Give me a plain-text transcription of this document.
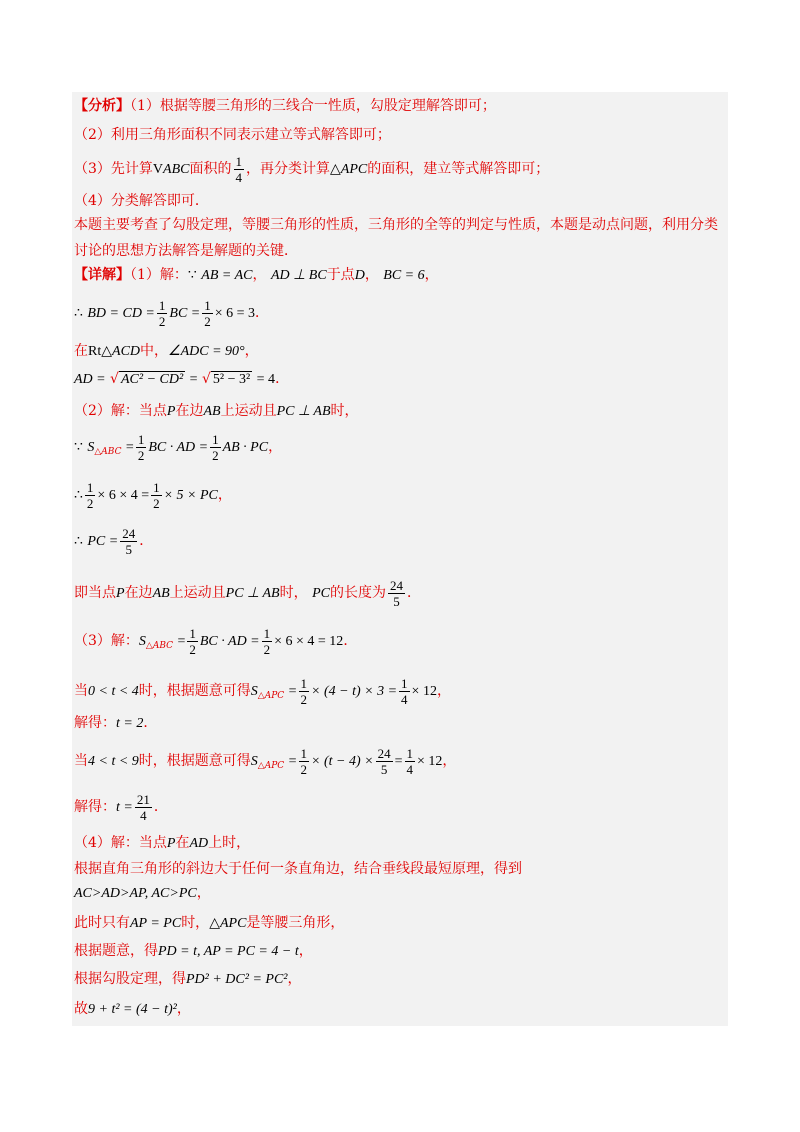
【分析】（1）根据等腰三角形的三线合一性质，勾股定理解答即可；
（2）利用三角形面积不同表示建立等式解答即可；
（3）先计算VABC面积的 $\frac{1}{4}$ ，再分类计算△APC的面积，建立等式解答即可；
（4）分类解答即可．
本题主要考查了勾股定理，等腰三角形的性质，三角形的全等的判定与性质，本题是动点问题，利用分类
讨论的思想方法解答是解题的关键．
【详解】（1）解：∵ AB = AC， AD ⊥ BC于点D， BC = 6，
∴ BD = CD = $\frac{1}{2}$ BC = $\frac{1}{2} \times 6 = 3$．
在Rt△ACD中，∠ADC = 90°，
AD = √ AC² − CD² = √ 5² − 3² = 4．
（2）解：当点P在边AB上运动且PC ⊥ AB时，
∵ $S_{\triangle ABC} = \frac{1}{2}$ BC · AD = $\frac{1}{2}$ AB · PC，
∴ $\frac{1}{2} \times 6 \times 4 = \frac{1}{2} \times 5$ × PC，
∴ PC = $\frac{24}{5}$ ．
即当点P在边AB上运动且PC ⊥ AB时， PC的长度为 $\frac{24}{5}$ ．
（3）解：$S_{\triangle ABC} = \frac{1}{2}$ BC · AD = $\frac{1}{2} \times 6 \times 4 = 12$．
当0 < t < 4时，根据题意可得$S_{\triangle APC} = \frac{1}{2} \times (4 - t) \times 3 = \frac{1}{4} \times 12$，
解得：t = 2．
当4 < t < 9时，根据题意可得$S_{\triangle APC} = \frac{1}{2} \times (t - 4) \times \frac{24}{5} = \frac{1}{4} \times 12$，
解得：$t = \frac{21}{4}$ ．
（4）解：当点P在AD上时，
根据直角三角形的斜边大于任何一条直角边，结合垂线段最短原理，得到
AC>AD>AP, AC>PC，
此时只有AP = PC时，△APC是等腰三角形，
根据题意，得PD = t, AP = PC = 4 − t，
根据勾股定理，得PD² + DC² = PC²，
故9 + t² = (4 − t)²，
